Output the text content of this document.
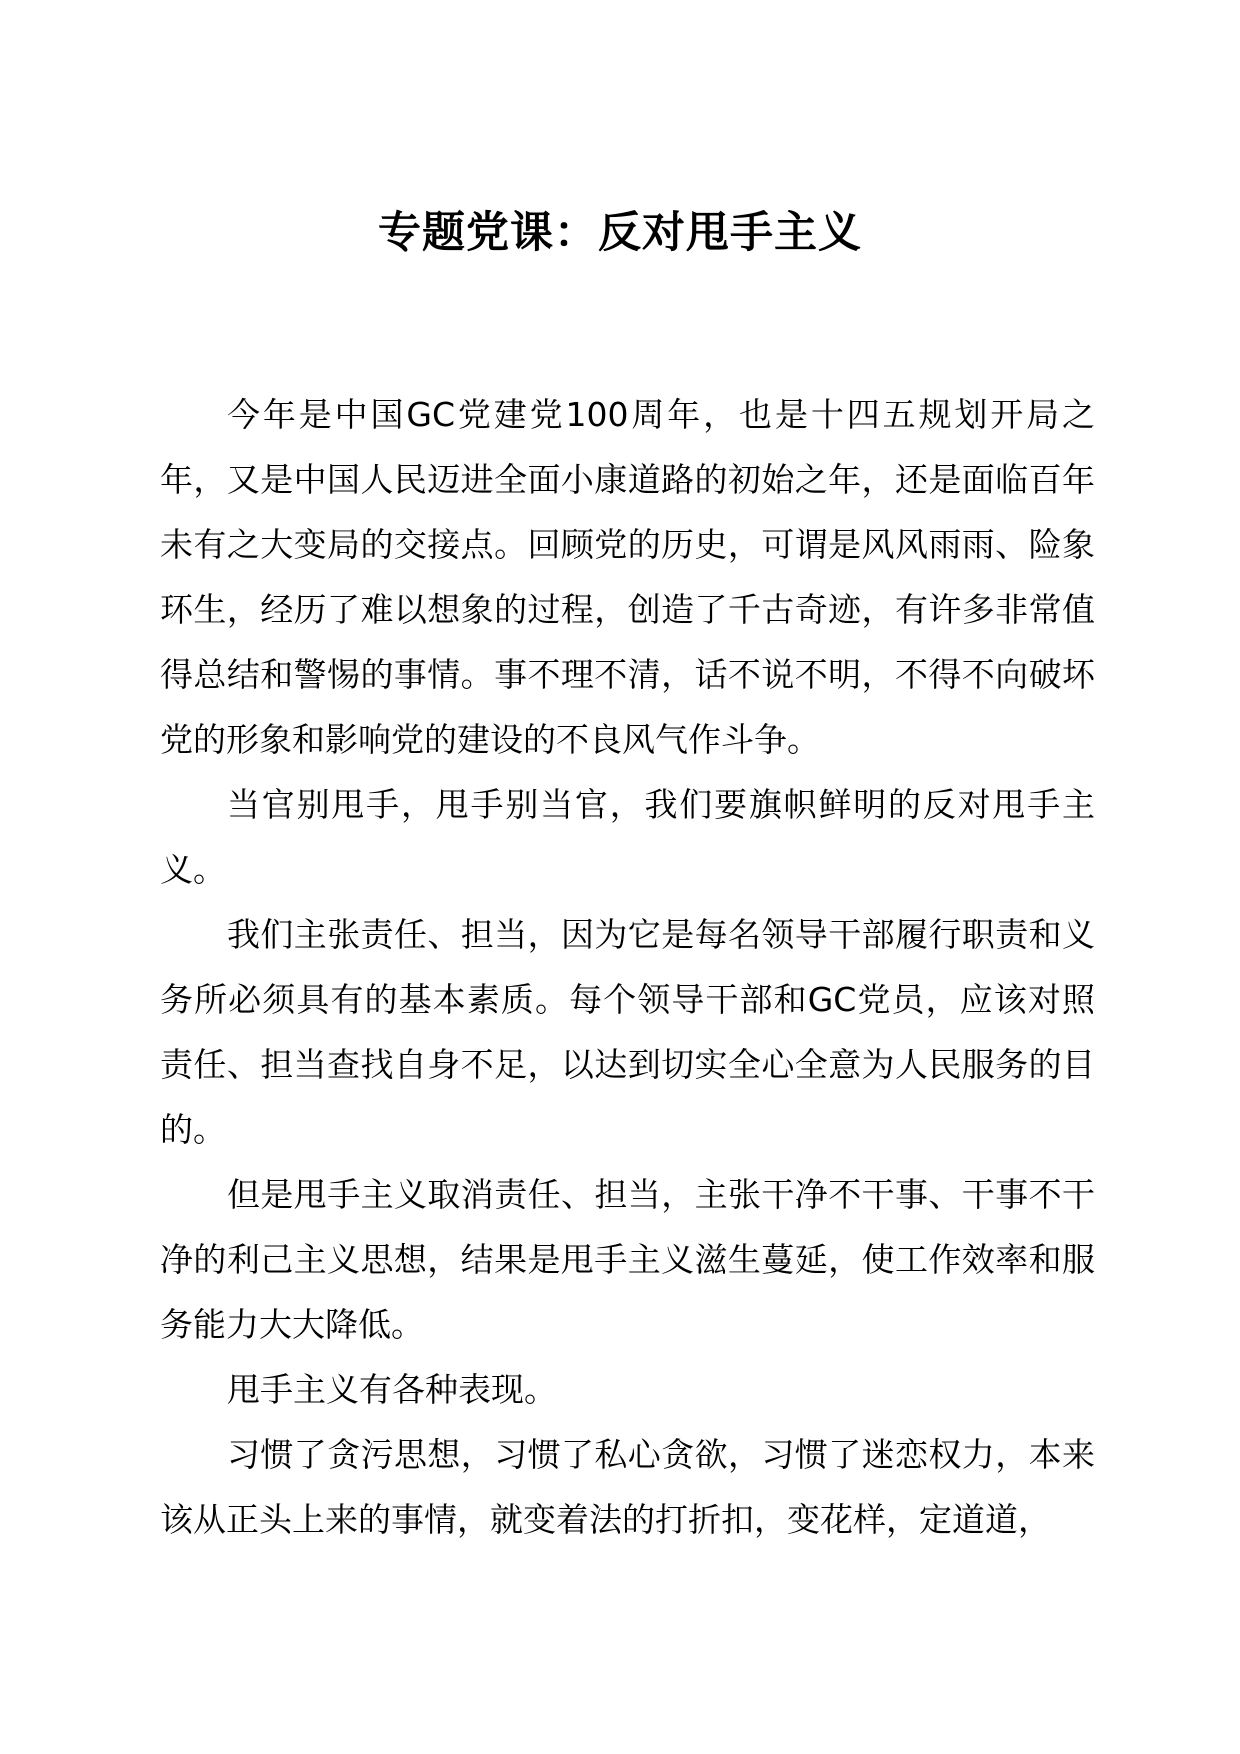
专题党课：反对甩手主义

今年是中国GC党建党100周年，也是十四五规划开局之年，又是中国人民迈进全面小康道路的初始之年，还是面临百年未有之大变局的交接点。回顾党的历史，可谓是风风雨雨、险象环生，经历了难以想象的过程，创造了千古奇迹，有许多非常值得总结和警惕的事情。事不理不清，话不说不明，不得不向破坏党的形象和影响党的建设的不良风气作斗争。

当官别甩手，甩手别当官，我们要旗帜鲜明的反对甩手主义。

我们主张责任、担当，因为它是每名领导干部履行职责和义务所必须具有的基本素质。每个领导干部和GC党员，应该对照责任、担当查找自身不足，以达到切实全心全意为人民服务的目的。

但是甩手主义取消责任、担当，主张干净不干事、干事不干净的利己主义思想，结果是甩手主义滋生蔓延，使工作效率和服务能力大大降低。

甩手主义有各种表现。

习惯了贪污思想，习惯了私心贪欲，习惯了迷恋权力，本来该从正头上来的事情，就变着法的打折扣，变花样，定道道，
